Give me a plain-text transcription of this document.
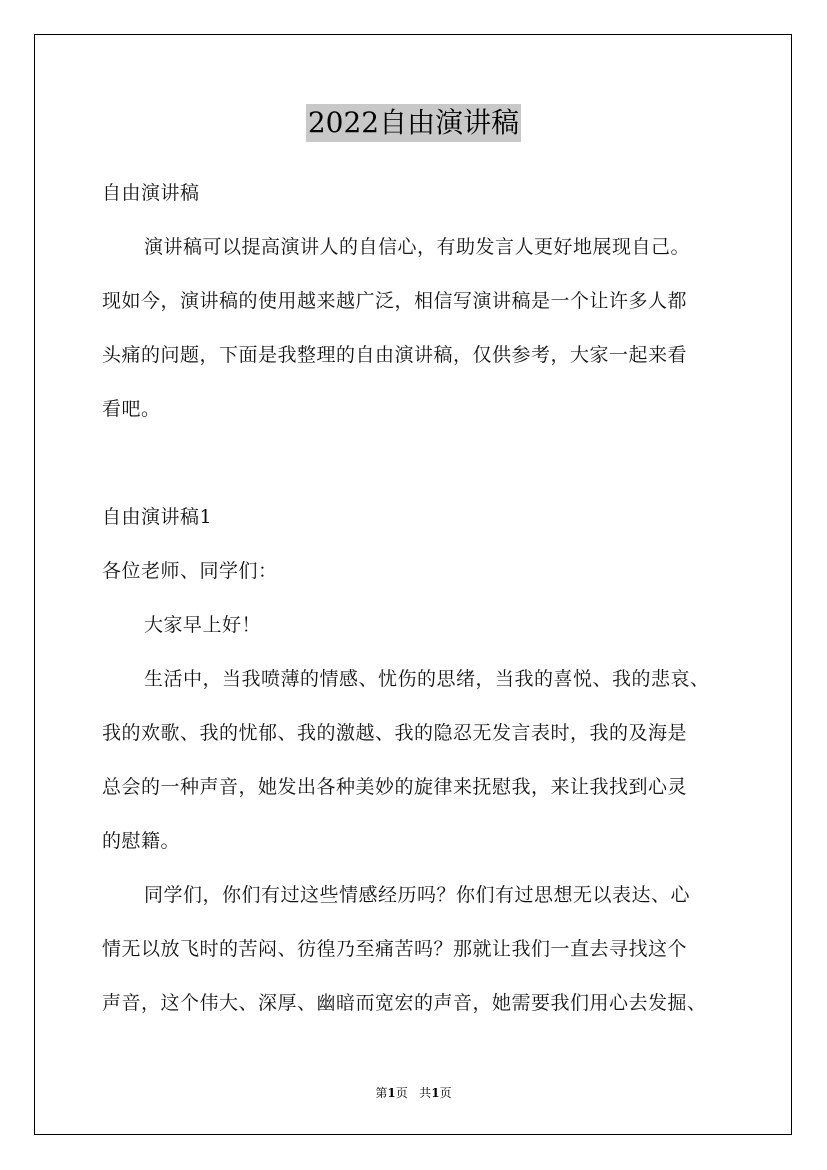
2022自由演讲稿
自由演讲稿
演讲稿可以提高演讲人的自信心，有助发言人更好地展现自己。
现如今，演讲稿的使用越来越广泛，相信写演讲稿是一个让许多人都
头痛的问题，下面是我整理的自由演讲稿，仅供参考，大家一起来看
看吧。
自由演讲稿1
各位老师、同学们：
大家早上好！
生活中，当我喷薄的情感、忧伤的思绪，当我的喜悦、我的悲哀、
我的欢歌、我的忧郁、我的激越、我的隐忍无发言表时，我的及海是
总会的一种声音，她发出各种美妙的旋律来抚慰我，来让我找到心灵
的慰籍。
同学们，你们有过这些情感经历吗？你们有过思想无以表达、心
情无以放飞时的苦闷、彷徨乃至痛苦吗？那就让我们一直去寻找这个
声音，这个伟大、深厚、幽暗而宽宏的声音，她需要我们用心去发掘、
第1页 共1页
